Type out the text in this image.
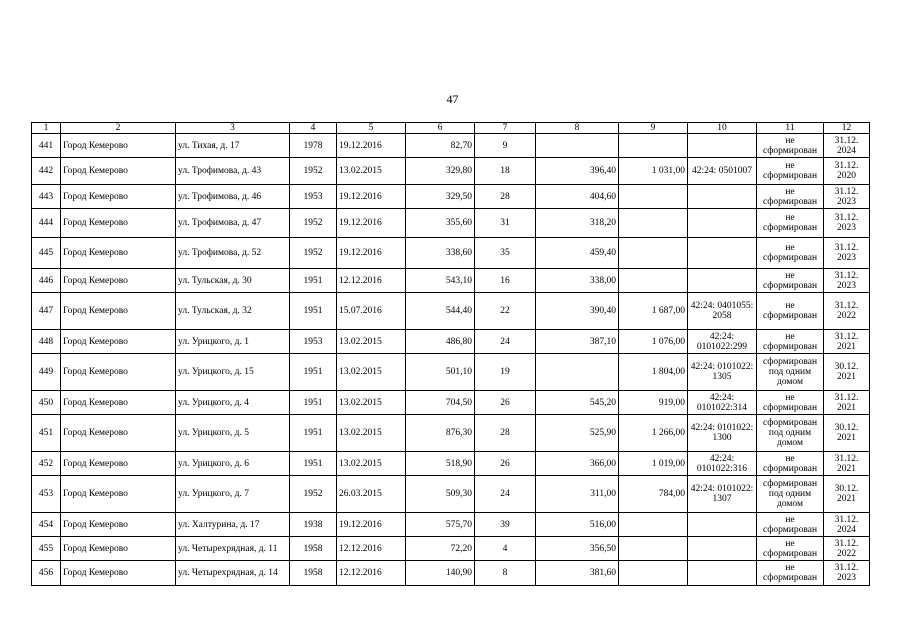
47
1	2	3	4	5	6	7	8	9	10	11	12
441	Город Кемерово	ул. Тихая, д. 17	1978	19.12.2016	82,70	9				не сформирован	31.12. 2024
442	Город Кемерово	ул. Трофимова, д. 43	1952	13.02.2015	329,80	18	396,40	1 031,00	42:24: 0501007	не сформирован	31.12. 2020
443	Город Кемерово	ул. Трофимова, д. 46	1953	19.12.2016	329,50	28	404,60			не сформирован	31.12. 2023
444	Город Кемерово	ул. Трофимова, д. 47	1952	19.12.2016	355,60	31	318,20			не сформирован	31.12. 2023
445	Город Кемерово	ул. Трофимова, д. 52	1952	19.12.2016	338,60	35	459,40			не сформирован	31.12. 2023
446	Город Кемерово	ул. Тульская, д. 30	1951	12.12.2016	543,10	16	338,00			не сформирован	31.12. 2023
447	Город Кемерово	ул. Тульская, д. 32	1951	15.07.2016	544,40	22	390,40	1 687,00	42:24: 0401055: 2058	не сформирован	31.12. 2022
448	Город Кемерово	ул. Урицкого, д. 1	1953	13.02.2015	486,80	24	387,10	1 076,00	42:24: 0101022:299	не сформирован	31.12. 2021
449	Город Кемерово	ул. Урицкого, д. 15	1951	13.02.2015	501,10	19		1 804,00	42:24: 0101022: 1305	сформирован под одним домом	30.12. 2021
450	Город Кемерово	ул. Урицкого, д. 4	1951	13.02.2015	704,50	26	545,20	919,00	42:24: 0101022:314	не сформирован	31.12. 2021
451	Город Кемерово	ул. Урицкого, д. 5	1951	13.02.2015	876,30	28	525,90	1 266,00	42:24: 0101022: 1300	сформирован под одним домом	30.12. 2021
452	Город Кемерово	ул. Урицкого, д. 6	1951	13.02.2015	518,90	26	366,00	1 019,00	42:24: 0101022:316	не сформирован	31.12. 2021
453	Город Кемерово	ул. Урицкого, д. 7	1952	26.03.2015	509,30	24	311,00	784,00	42:24: 0101022: 1307	сформирован под одним домом	30.12. 2021
454	Город Кемерово	ул. Халтурина, д. 17	1938	19.12.2016	575,70	39	516,00			не сформирован	31.12. 2024
455	Город Кемерово	ул. Четырехрядная, д. 11	1958	12.12.2016	72,20	4	356,50			не сформирован	31.12. 2022
456	Город Кемерово	ул. Четырехрядная, д. 14	1958	12.12.2016	140,90	8	381,60			не сформирован	31.12. 2023
